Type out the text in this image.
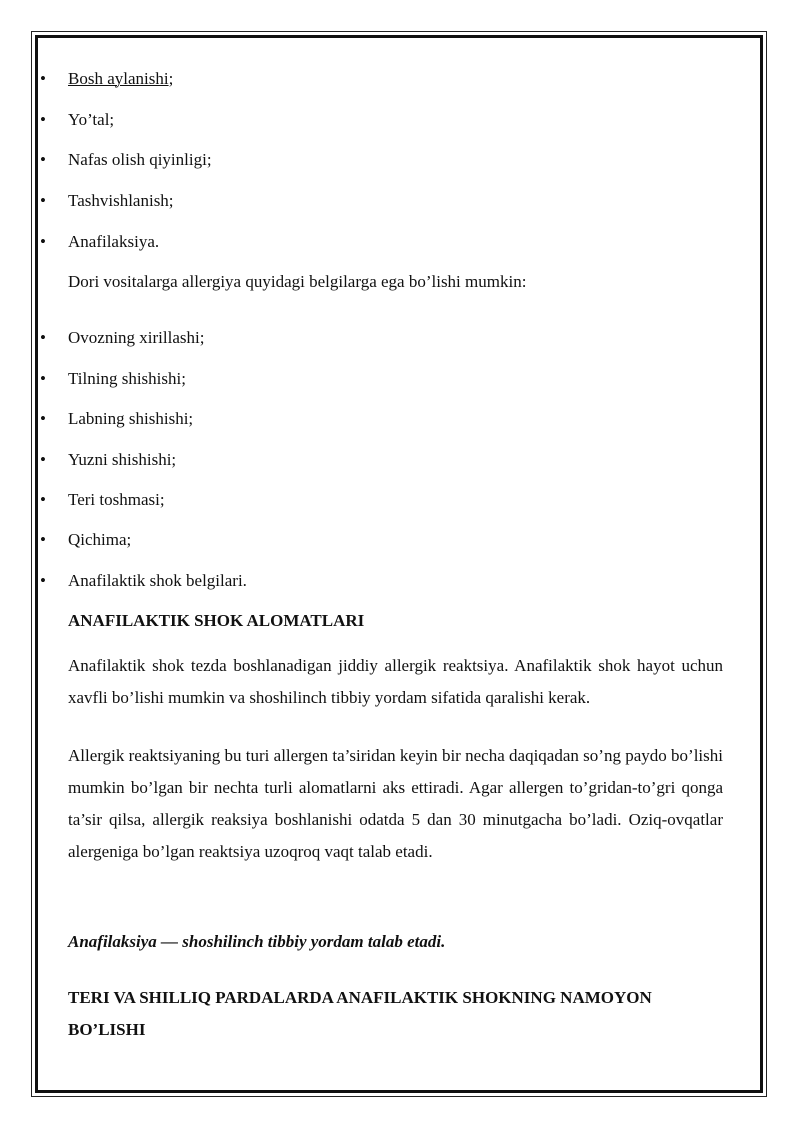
• Bosh aylanishi;
• Yo’tal;
• Nafas olish qiyinligi;
• Tashvishlanish;
• Anafilaksiya.
Dori vositalarga allergiya quyidagi belgilarga ega bo’lishi mumkin:
• Ovozning xirillashi;
• Tilning shishishi;
• Labning shishishi;
• Yuzni shishishi;
• Teri toshmasi;
• Qichima;
• Anafilaktik shok belgilari.
ANAFILAKTIK SHOK ALOMATLARI
Anafilaktik shok tezda boshlanadigan jiddiy allergik reaktsiya. Anafilaktik shok hayot uchun xavfli bo’lishi mumkin va shoshilinch tibbiy yordam sifatida qaralishi kerak.
Allergik reaktsiyaning bu turi allergen ta’siridan keyin bir necha daqiqadan so’ng paydo bo’lishi mumkin bo’lgan bir nechta turli alomatlarni aks ettiradi. Agar allergen to’gridan-to’gri qonga ta’sir qilsa, allergik reaksiya boshlanishi odatda 5 dan 30 minutgacha bo’ladi. Oziq-ovqatlar alergeniga bo’lgan reaktsiya uzoqroq vaqt talab etadi.
Anafilaksiya — shoshilinch tibbiy yordam talab etadi.
TERI VA SHILLIQ PARDALARDA ANAFILAKTIK SHOKNING NAMOYON BO’LISHI
